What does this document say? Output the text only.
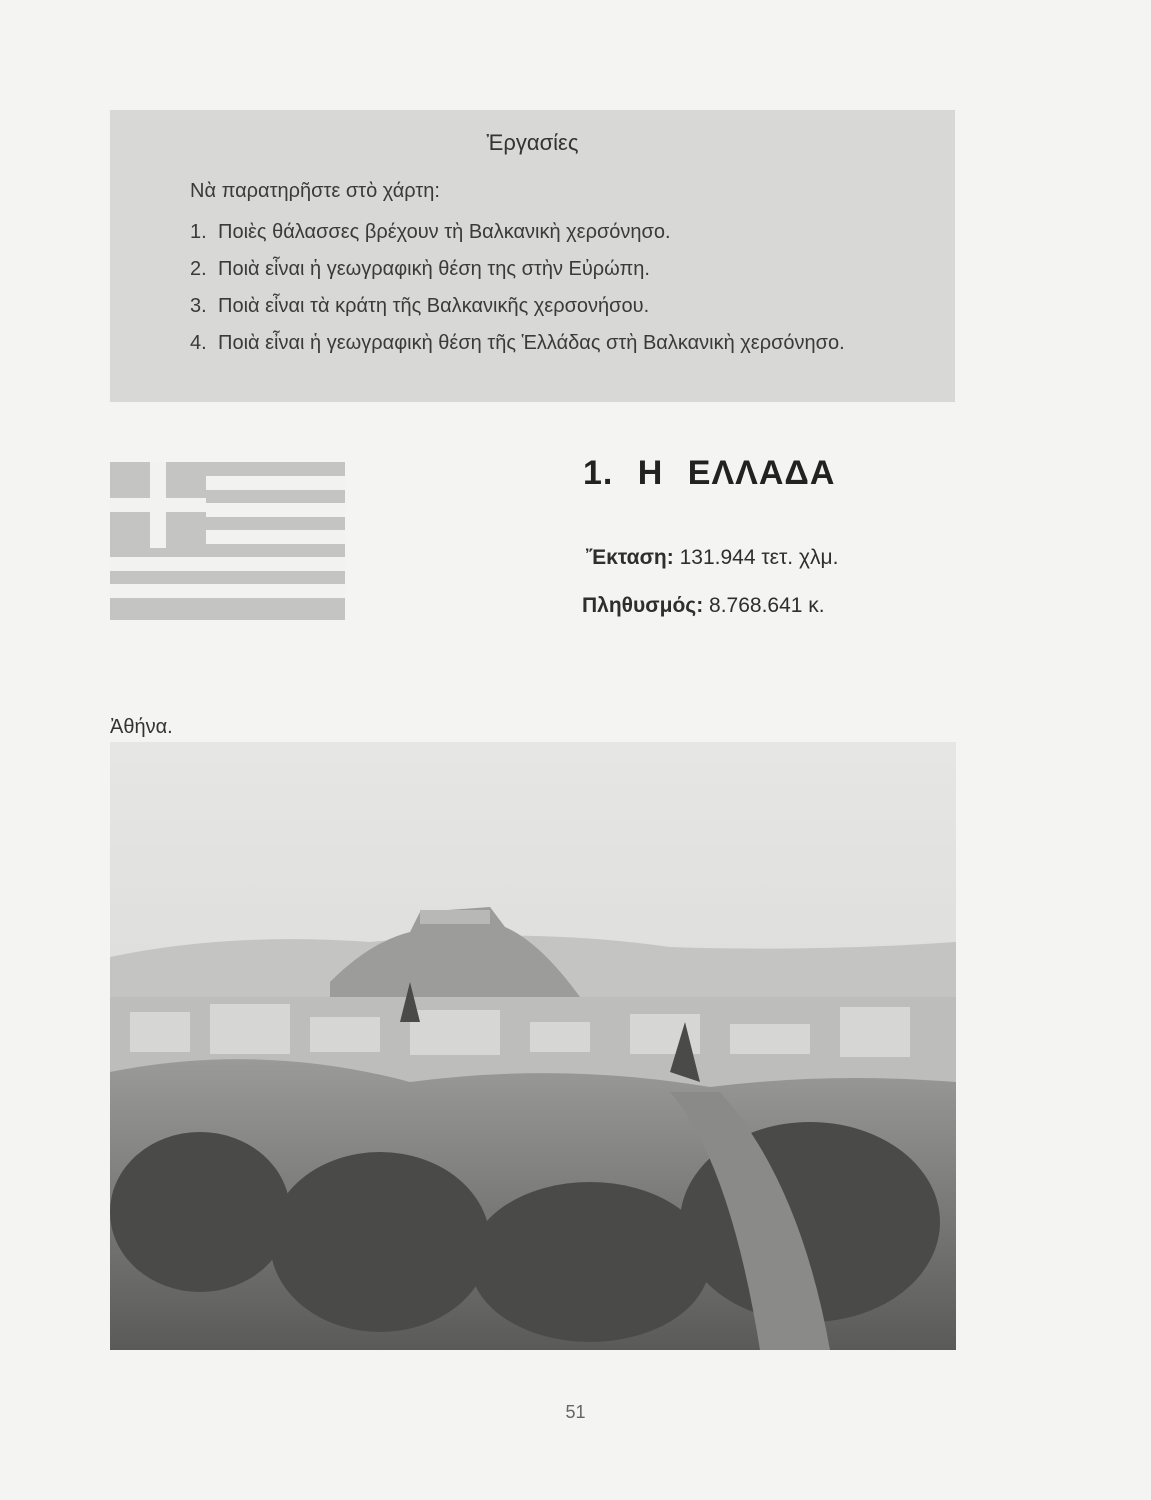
Ἐργασίες
Νὰ παρατηρῆστε στὸ χάρτη:
1. Ποιὲς θάλασσες βρέχουν τὴ Βαλκανικὴ χερσόνησο.
2. Ποιὰ εἶναι ἡ γεωγραφικὴ θέση της στὴν Εὐρώπη.
3. Ποιὰ εἶναι τὰ κράτη τῆς Βαλκανικῆς χερσονήσου.
4. Ποιὰ εἶναι ἡ γεωγραφικὴ θέση τῆς Ἑλλάδας στὴ Βαλκανικὴ χερσόνησο.
1. Η ΕΛΛΑΔΑ
Ἔκταση: 131.944 τετ. χλμ.
Πληθυσμός: 8.768.641 κ.
Ἀθήνα.
51
